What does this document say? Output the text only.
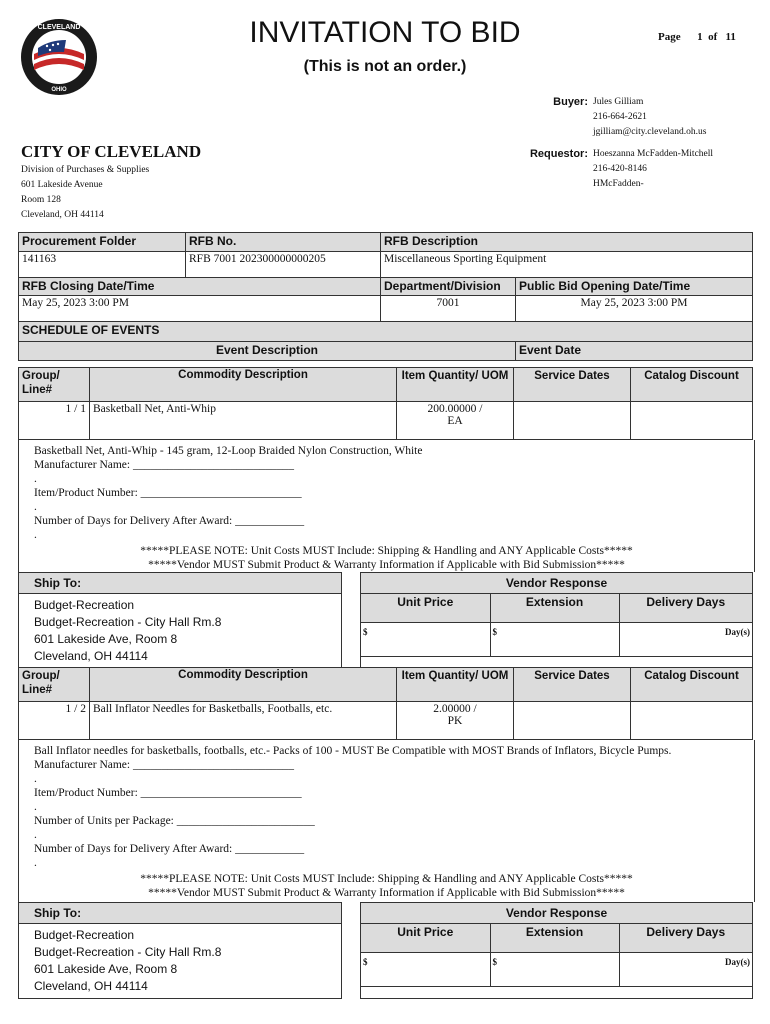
CLEVELAND
OHIO
INVITATION TO BID
(This is not an order.)
Page 1 of 11
Buyer: Jules Gilliam
216-664-2621
jgilliam@city.cleveland.oh.us
Requestor: Hoeszanna McFadden-Mitchell
216-420-8146
HMcFadden-
CITY OF CLEVELAND
Division of Purchases & Supplies
601 Lakeside Avenue
Room 128
Cleveland, OH 44114
Procurement Folder	RFB No.	RFB Description	
141163	RFB 7001 202300000000205	Miscellaneous Sporting Equipment	
RFB Closing Date/Time		Department/Division	Public Bid Opening Date/Time
May 25, 2023 3:00 PM		7001	May 25, 2023 3:00 PM
SCHEDULE OF EVENTS			
Event Description			Event Date
Group/ Line#	Commodity Description	Item Quantity/ UOM	Service Dates	Catalog Discount
1 / 1	Basketball Net, Anti-Whip	200.00000 /
EA		

Basketball Net, Anti-Whip - 145 gram, 12-Loop Braided Nylon Construction, White
Manufacturer Name: ____________________________
.
Item/Product Number: ____________________________
.
Number of Days for Delivery After Award: ____________
.
*****PLEASE NOTE: Unit Costs MUST Include: Shipping & Handling and ANY Applicable Costs*****
*****Vendor MUST Submit Product & Warranty Information if Applicable with Bid Submission*****
Ship To:
Budget-Recreation
Budget-Recreation - City Hall Rm.8
601 Lakeside Ave, Room 8
Cleveland, OH 44114

Vendor Response
Unit Price	Extension	Delivery Days
$	$	Day(s)
Group/ Line#	Commodity Description	Item Quantity/ UOM	Service Dates	Catalog Discount
1 / 2	Ball Inflator Needles for Basketballs, Footballs, etc.	2.00000 /
PK		

Ball Inflator needles for basketballs, footballs, etc.- Packs of 100 - MUST Be Compatible with MOST Brands of Inflators, Bicycle Pumps.
Manufacturer Name: ____________________________
.
Item/Product Number: ____________________________
.
Number of Units per Package: ________________________
.
Number of Days for Delivery After Award: ____________
.
*****PLEASE NOTE: Unit Costs MUST Include: Shipping & Handling and ANY Applicable Costs*****
*****Vendor MUST Submit Product & Warranty Information if Applicable with Bid Submission*****
Ship To:
Budget-Recreation
Budget-Recreation - City Hall Rm.8
601 Lakeside Ave, Room 8
Cleveland, OH 44114

Vendor Response
Unit Price	Extension	Delivery Days
$	$	Day(s)
